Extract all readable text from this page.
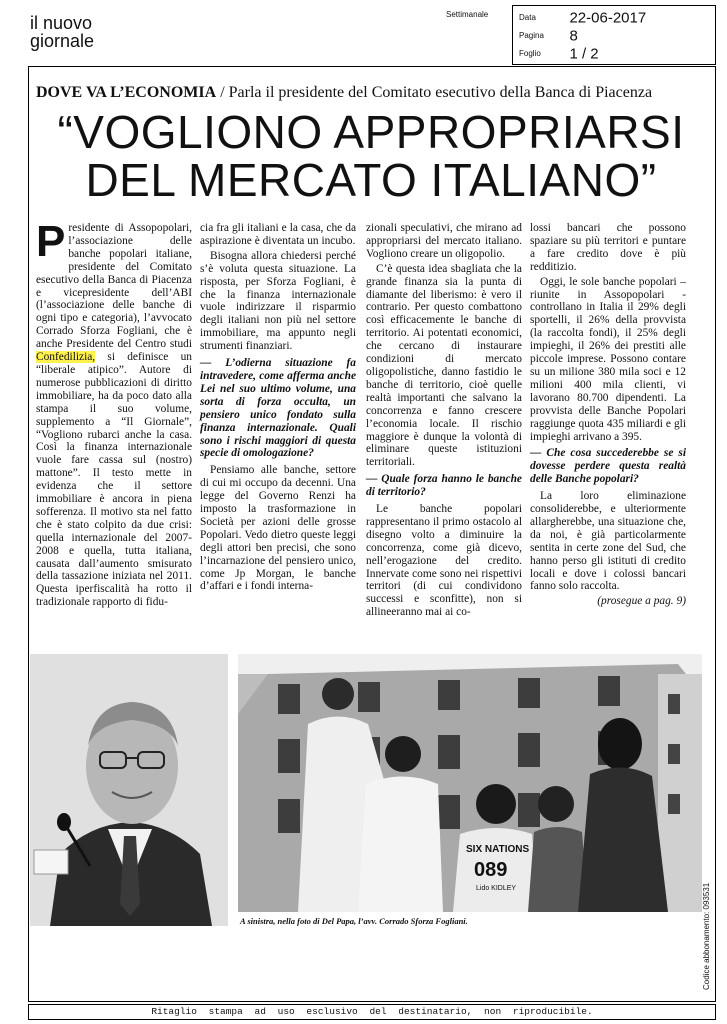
il nuovo
giornale
Settimanale	Data 22-06-2017
Pagina 8
Foglio 1 / 2
DOVE VA L’ECONOMIA / Parla il presidente del Comitato esecutivo della Banca di Piacenza
“VOGLIONO APPROPRIARSI
DEL MERCATO ITALIANO”

Presidente di Assopopolari, l’associazione delle banche popolari italiane, presidente del Comitato esecutivo della Banca di Piacenza e vicepresidente dell’ABI (l’associazione delle banche di ogni tipo e categoria), l’avvocato Corrado Sforza Fogliani, che è anche Presidente del Centro studi Confedilizia, si definisce un “liberale atipico”. Autore di numerose pubblicazioni di diritto immobiliare, ha da poco dato alla stampa il suo volume, supplemento a “Il Giornale”, “Vogliono rubarci anche la casa. Così la finanza internazionale vuole fare cassa sul (nostro) mattone”. Il testo mette in evidenza che il settore immobiliare è ancora in piena sofferenza. Il motivo sta nel fatto che è stato colpito da due crisi: quella internazionale del 2007-2008 e quella, tutta italiana, causata dall’aumento smisurato della tassazione iniziata nel 2011. Questa iperfiscalità ha rotto il tradizionale rapporto di fidu-

cia fra gli italiani e la casa, che da aspirazione è diventata un incubo.

Bisogna allora chiedersi perché s’è voluta questa situazione. La risposta, per Sforza Fogliani, è che la finanza internazionale vuole indirizzare il risparmio degli italiani non più nel settore immobiliare, ma appunto negli strumenti finanziari.

— L’odierna situazione fa intravedere, come afferma anche Lei nel suo ultimo volume, una sorta di forza occulta, un pensiero unico fondato sulla finanza internazionale. Quali sono i rischi maggiori di questa specie di omologazione?

Pensiamo alle banche, settore di cui mi occupo da decenni. Una legge del Governo Renzi ha imposto la trasformazione in Società per azioni delle grosse Popolari. Vedo dietro queste leggi degli attori ben precisi, che sono l’incarnazione del pensiero unico, come Jp Morgan, le banche d’affari e i fondi interna-

zionali speculativi, che mirano ad appropriarsi del mercato italiano. Vogliono creare un oligopolio.

C’è questa idea sbagliata che la grande finanza sia la punta di diamante del liberismo: è vero il contrario. Per questo combattono così efficacemente le banche di territorio. Ai potentati economici, che cercano di instaurare condizioni di mercato oligopolistiche, danno fastidio le banche di territorio, cioè quelle realtà importanti che salvano la concorrenza e fanno crescere l’economia locale. Il rischio maggiore è dunque la volontà di eliminare queste istituzioni territoriali.

— Quale forza hanno le banche di territorio?

Le banche popolari rappresentano il primo ostacolo al disegno volto a diminuire la concorrenza, come già dicevo, nell’erogazione del credito. Innervate come sono nei rispettivi territori (di cui condividono successi e sconfitte), non si allineeranno mai ai co-

lossi bancari che possono spaziare su più territori e puntare a fare credito dove è più redditizio.

Oggi, le sole banche popolari – riunite in Assopopolari - controllano in Italia il 29% degli sportelli, il 26% della provvista (la raccolta fondi), il 25% degli impieghi, il 26% dei prestiti alle piccole imprese. Possono contare su un milione 380 mila soci e 12 milioni 400 mila clienti, vi lavorano 80.700 dipendenti. La provvista delle Banche Popolari raggiunge quota 435 miliardi e gli impieghi arrivano a 395.

— Che cosa succederebbe se si dovesse perdere questa realtà delle Banche popolari?

La loro eliminazione consoliderebbe, e ulteriormente allargherebbe, una situazione che, da noi, è già particolarmente sentita in certe zone del Sud, che hanno perso gli istituti di credito locali e dove i colossi bancari fanno solo raccolta.

(prosegue a pag. 9)

SIX NATIONS
089
Lido KIDLEY
A sinistra, nella foto di Del Papa, l’avv. Corrado Sforza Fogliani.	Codice abbonamento: 093531
Ritaglio stampa ad uso esclusivo del destinatario, non riproducibile.
